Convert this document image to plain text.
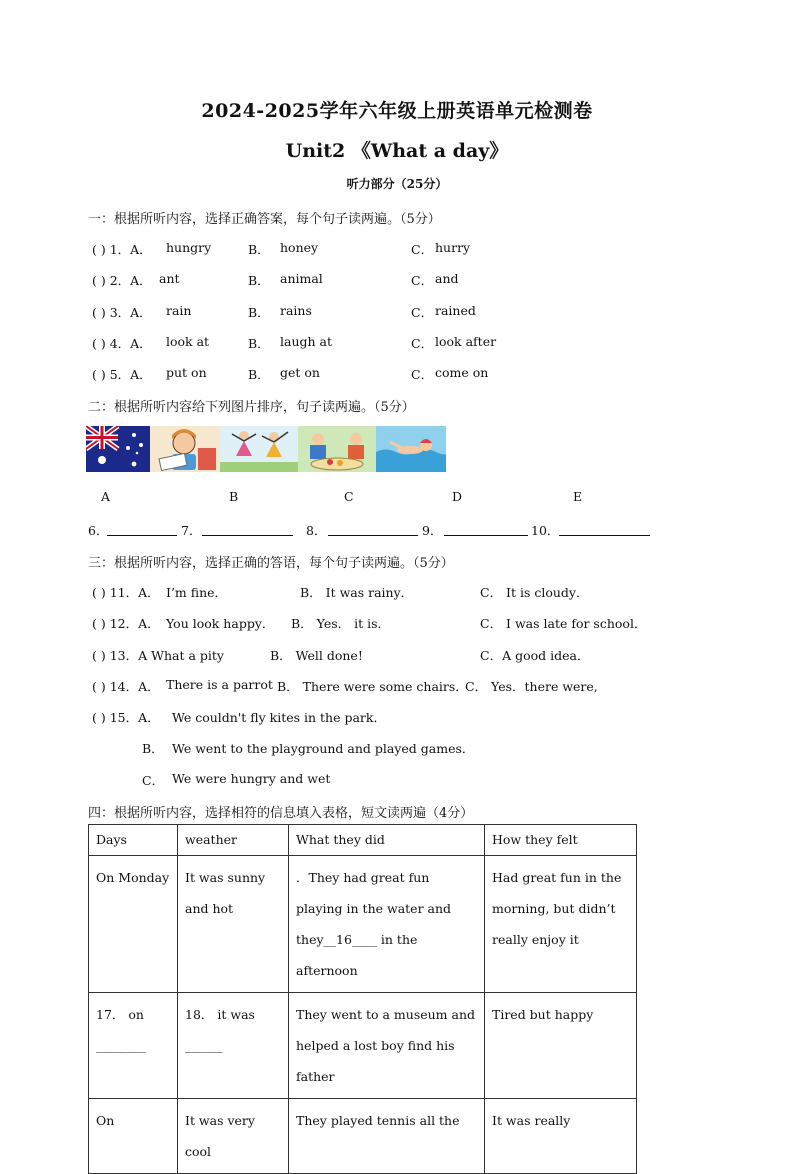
2024-2025学年六年级上册英语单元检测卷
Unit2 《What a day》
听力部分（25分）
一：根据所听内容，选择正确答案，每个句子读两遍。（5分）
( ) 1．A． hungry	B． honey	C． hurry
( ) 2．A． ant	B． animal	C． and
( ) 3．A． rain	B． rains	C． rained
( ) 4．A． look at	B． laugh at	C． look after
( ) 5．A． put on	B． get on	C． come on
二：根据所听内容给下列图片排序，句子读两遍。（5分）
A	B	C	D	E
6．	7．	8．	9．	10．
三：根据所听内容，选择正确的答语，每个句子读两遍。（5分）
( ) 11．A． I’m fine．	B． It was rainy．	C． It is cloudy．
( ) 12．A． You look happy． B． Yes． it is．	C． I was late for school．
( ) 13．A What a pity	B． Well done!	C．A good idea．
( ) 14．A． There is a parrot B． There were some chairs．
C． Yes．there were,
( ) 15．A． We couldn't fly kites in the park．
B． We went to the playground and played games．
C． We were hungry and wet
四：根据所听内容，选择相符的信息填入表格，短文读两遍（4分）
Days	weather	What they did	How they felt
On Monday	It was sunny and hot	．They had great fun playing in the water and they__16____ in the afternoon	Had great fun in the morning, but didn’t really enjoy it
17． on ________	18． it was ______	They went to a museum and helped a lost boy find his father	Tired but happy
On	It was very cool	They played tennis all the	It was really
